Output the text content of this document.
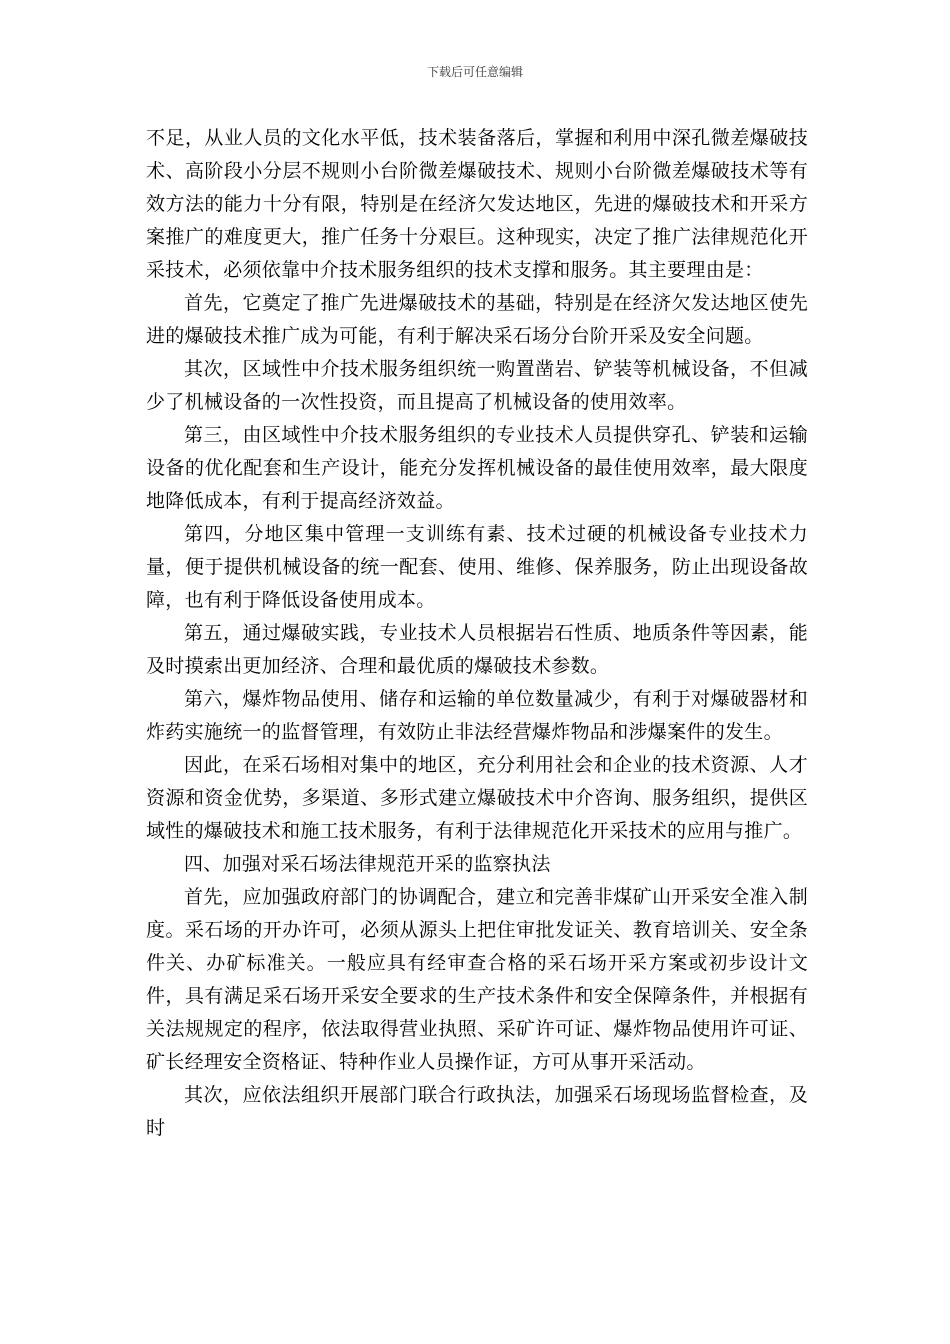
下载后可任意编辑

不足，从业人员的文化水平低，技术装备落后，掌握和利用中深孔微差爆破技术、高阶段小分层不规则小台阶微差爆破技术、规则小台阶微差爆破技术等有效方法的能力十分有限，特别是在经济欠发达地区，先进的爆破技术和开采方案推广的难度更大，推广任务十分艰巨。这种现实，决定了推广法律规范化开采技术，必须依靠中介技术服务组织的技术支撑和服务。其主要理由是：

首先，它奠定了推广先进爆破技术的基础，特别是在经济欠发达地区使先进的爆破技术推广成为可能，有利于解决采石场分台阶开采及安全问题。

其次，区域性中介技术服务组织统一购置凿岩、铲装等机械设备，不但减少了机械设备的一次性投资，而且提高了机械设备的使用效率。

第三，由区域性中介技术服务组织的专业技术人员提供穿孔、铲装和运输设备的优化配套和生产设计，能充分发挥机械设备的最佳使用效率，最大限度地降低成本，有利于提高经济效益。

第四，分地区集中管理一支训练有素、技术过硬的机械设备专业技术力量，便于提供机械设备的统一配套、使用、维修、保养服务，防止出现设备故障，也有利于降低设备使用成本。

第五，通过爆破实践，专业技术人员根据岩石性质、地质条件等因素，能及时摸索出更加经济、合理和最优质的爆破技术参数。

第六，爆炸物品使用、储存和运输的单位数量减少，有利于对爆破器材和炸药实施统一的监督管理，有效防止非法经营爆炸物品和涉爆案件的发生。

因此，在采石场相对集中的地区，充分利用社会和企业的技术资源、人才资源和资金优势，多渠道、多形式建立爆破技术中介咨询、服务组织，提供区域性的爆破技术和施工技术服务，有利于法律规范化开采技术的应用与推广。

四、加强对采石场法律规范开采的监察执法

首先，应加强政府部门的协调配合，建立和完善非煤矿山开采安全准入制度。采石场的开办许可，必须从源头上把住审批发证关、教育培训关、安全条件关、办矿标准关。一般应具有经审查合格的采石场开采方案或初步设计文件，具有满足采石场开采安全要求的生产技术条件和安全保障条件，并根据有关法规规定的程序，依法取得营业执照、采矿许可证、爆炸物品使用许可证、矿长经理安全资格证、特种作业人员操作证，方可从事开采活动。

其次，应依法组织开展部门联合行政执法，加强采石场现场监督检查，及时
